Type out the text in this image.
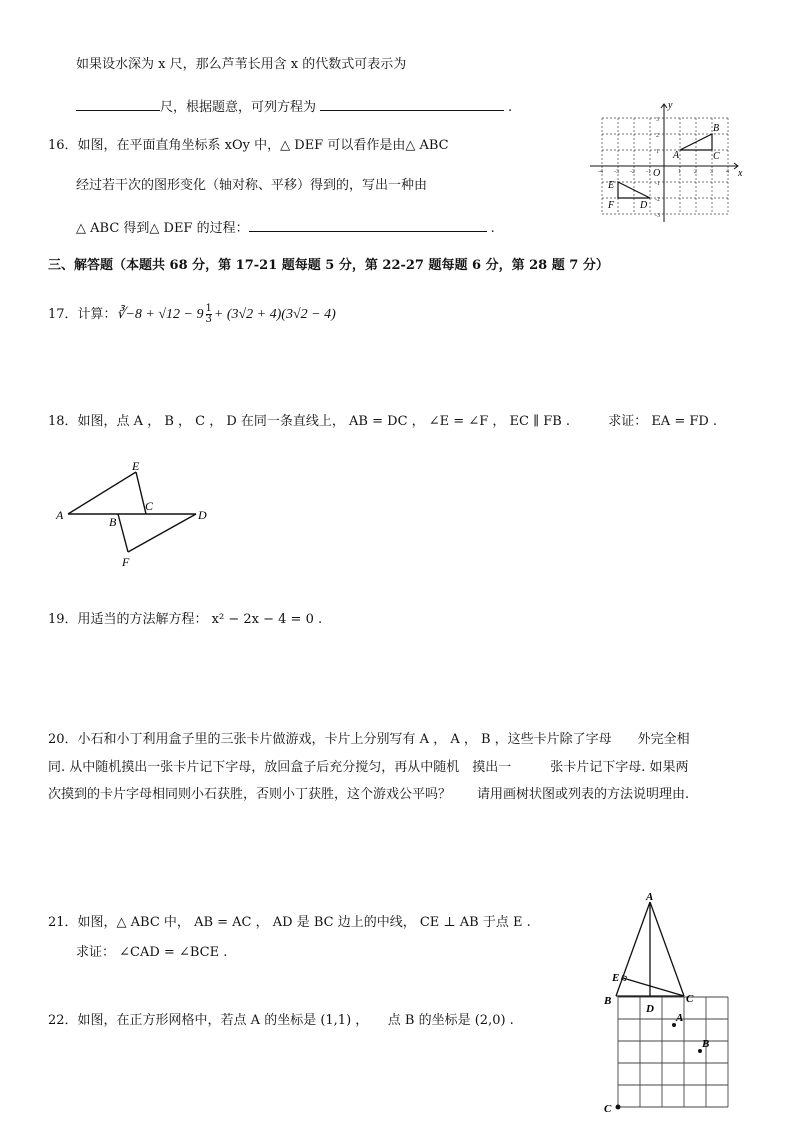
如果设水深为 x 尺，那么芦苇长用含 x 的代数式可表示为
尺，根据题意，可列方程为	.
16．如图，在平面直角坐标系 xOy 中，△ DEF 可以看作是由△ ABC
经过若干次的图形变化（轴对称、平移）得到的，写出一种由
△ ABC 得到△ DEF 的过程：	.
x
y
O
-4 -3 -2 -1	1 2 3 4
3
2
1
-1
-2
-3
A
B
C
E
F	D
三、解答题（本题共 68 分，第 17-21 题每题 5 分，第 22-27 题每题 6 分，第 28 题 7 分）
17．计算：∛−8 + $√12 - 9 \frac{1}{3} + (3√2 + 4)(3√2 - 4)$
18．如图，点 A ， B ， C ， D 在同一条直线上， AB = DC ， ∠E = ∠F ， EC ∥ FB .	求证： EA = FD .
A	B
C
D
E
F
19．用适当的方法解方程： x² − 2x − 4 = 0 .
20．小石和小丁利用盒子里的三张卡片做游戏，卡片上分别写有 A ， A ， B ，这些卡片除了字母　　外完全相
同. 从中随机摸出一张卡片记下字母，放回盒子后充分搅匀，再从中随机　摸出一　　　张卡片记下字母. 如果两
次摸到的卡片字母相同则小石获胜，否则小丁获胜，这个游戏公平吗？　　请用画树状图或列表的方法说明理由.
21．如图，△ ABC 中， AB = AC ， AD 是 BC 边上的中线， CE ⊥ AB 于点 E .
求证： ∠CAD = ∠BCE .
22．如图，在正方形网格中，若点 A 的坐标是 (1,1) ，　　点 B 的坐标是 (2,0) .
A
B	C
D
E
A
B
C
